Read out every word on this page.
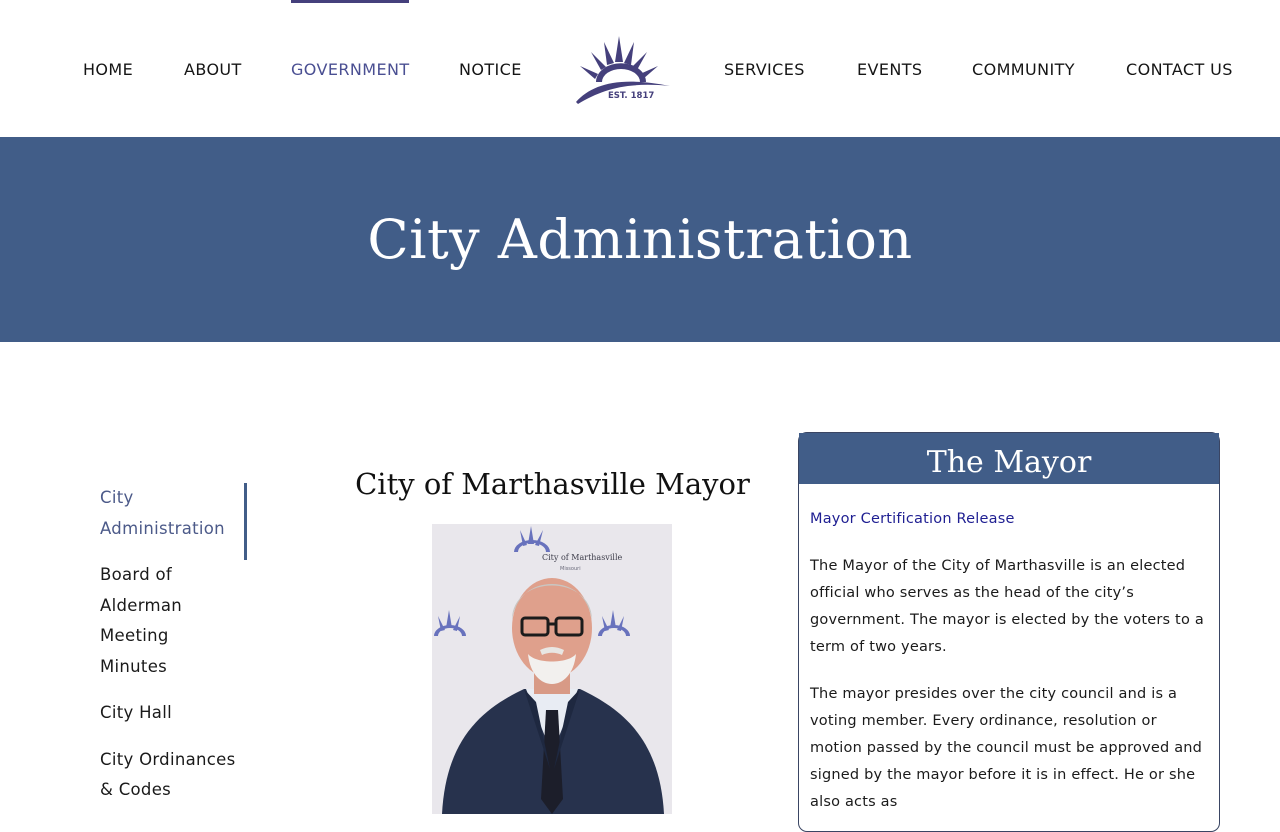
HOME	ABOUT	GOVERNMENT	NOTICE
EST. 1817
SERVICES	EVENTS	COMMUNITY	CONTACT US
City Administration
City
Administration
Board of
Alderman
Meeting
Minutes
City Hall
City Ordinances
& Codes
City of Marthasville Mayor
City of Marthasville
Missouri
The Mayor
Mayor Certification Release

The Mayor of the City of Marthasville is an elected official who serves as the head of the city’s government. The mayor is elected by the voters to a term of two years.

The mayor presides over the city council and is a voting member. Every ordinance, resolution or motion passed by the council must be approved and signed by the mayor before it is in effect. He or she also acts as
